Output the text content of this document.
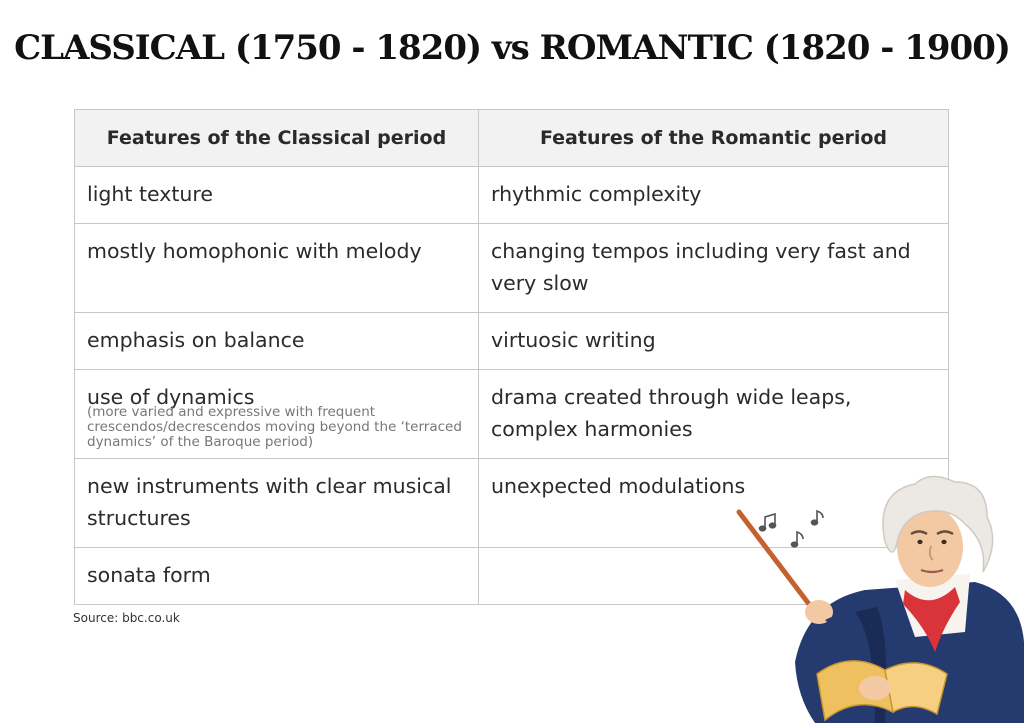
CLASSICAL (1750 - 1820) vs ROMANTIC (1820 - 1900)
Features of the Classical period	Features of the Romantic period
light texture	rhythmic complexity
mostly homophonic with melody	changing tempos including very fast and very slow
emphasis on balance	virtuosic writing
use of dynamics
(more varied and expressive with frequent crescendos/decrescendos moving beyond the ‘terraced dynamics’ of the Baroque period)	drama created through wide leaps, complex harmonies
new instruments with clear musical structures	unexpected modulations
sonata form	
Source: bbc.co.uk
